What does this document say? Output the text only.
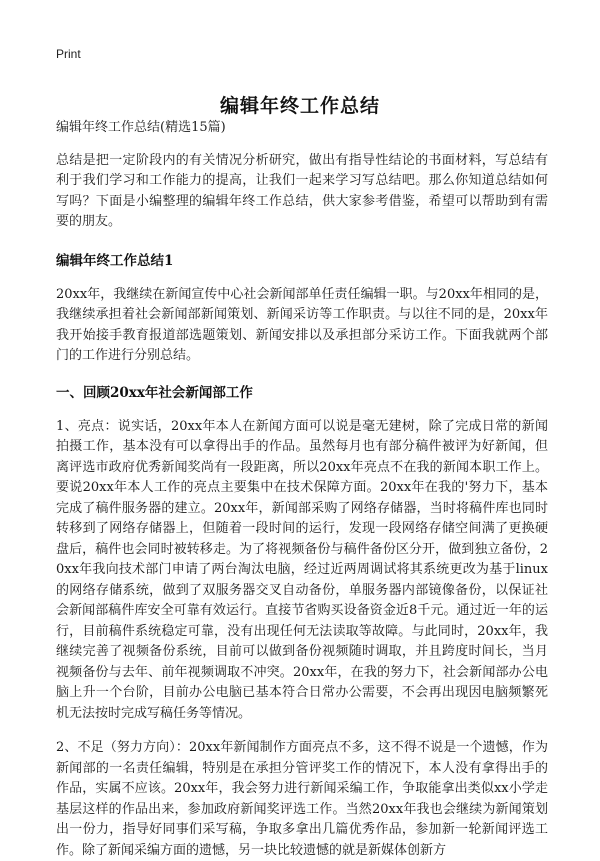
Print
编辑年终工作总结

编辑年终工作总结(精选15篇)

总结是把一定阶段内的有关情况分析研究，做出有指导性结论的书面材料，写总结有利于我们学习和工作能力的提高，让我们一起来学习写总结吧。那么你知道总结如何写吗？下面是小编整理的编辑年终工作总结，供大家参考借鉴，希望可以帮助到有需要的朋友。

编辑年终工作总结1

20xx年，我继续在新闻宣传中心社会新闻部单任责任编辑一职。与20xx年相同的是，我继续承担着社会新闻部新闻策划、新闻采访等工作职责。与以往不同的是，20xx年我开始接手教育报道部选题策划、新闻安排以及承担部分采访工作。下面我就两个部门的工作进行分别总结。

一、回顾20xx年社会新闻部工作

1、亮点：说实话，20xx年本人在新闻方面可以说是毫无建树，除了完成日常的新闻拍摄工作，基本没有可以拿得出手的作品。虽然每月也有部分稿件被评为好新闻，但离评选市政府优秀新闻奖尚有一段距离，所以20xx年亮点不在我的新闻本职工作上。要说20xx年本人工作的亮点主要集中在技术保障方面。20xx年在我的'努力下，基本完成了稿件服务器的建立。20xx年，新闻部采购了网络存储器，当时将稿件库也同时转移到了网络存储器上，但随着一段时间的运行，发现一段网络存储空间满了更换硬盘后，稿件也会同时被转移走。为了将视频备份与稿件备份区分开，做到独立备份，20xx年我向技术部门申请了两台淘汰电脑，经过近两周调试将其系统更改为基于linux的网络存储系统，做到了双服务器交叉自动备份，单服务器内部镜像备份，以保证社会新闻部稿件库安全可靠有效运行。直接节省购买设备资金近8千元。通过近一年的运行，目前稿件系统稳定可靠，没有出现任何无法读取等故障。与此同时，20xx年，我继续完善了视频备份系统，目前可以做到备份视频随时调取，并且跨度时间长，当月视频备份与去年、前年视频调取不冲突。20xx年，在我的努力下，社会新闻部办公电脑上升一个台阶，目前办公电脑已基本符合日常办公需要，不会再出现因电脑频繁死机无法按时完成写稿任务等情况。

2、不足（努力方向）：20xx年新闻制作方面亮点不多，这不得不说是一个遗憾，作为新闻部的一名责任编辑，特别是在承担分管评奖工作的情况下，本人没有拿得出手的作品，实属不应该。20xx年，我会努力进行新闻采编工作，争取能拿出类似xx小学走基层这样的作品出来，参加政府新闻奖评选工作。当然20xx年我也会继续为新闻策划出一份力，指导好同事们采写稿，争取多拿出几篇优秀作品，参加新一轮新闻评选工作。除了新闻采编方面的遗憾，另一块比较遗憾的就是新媒体创新方
